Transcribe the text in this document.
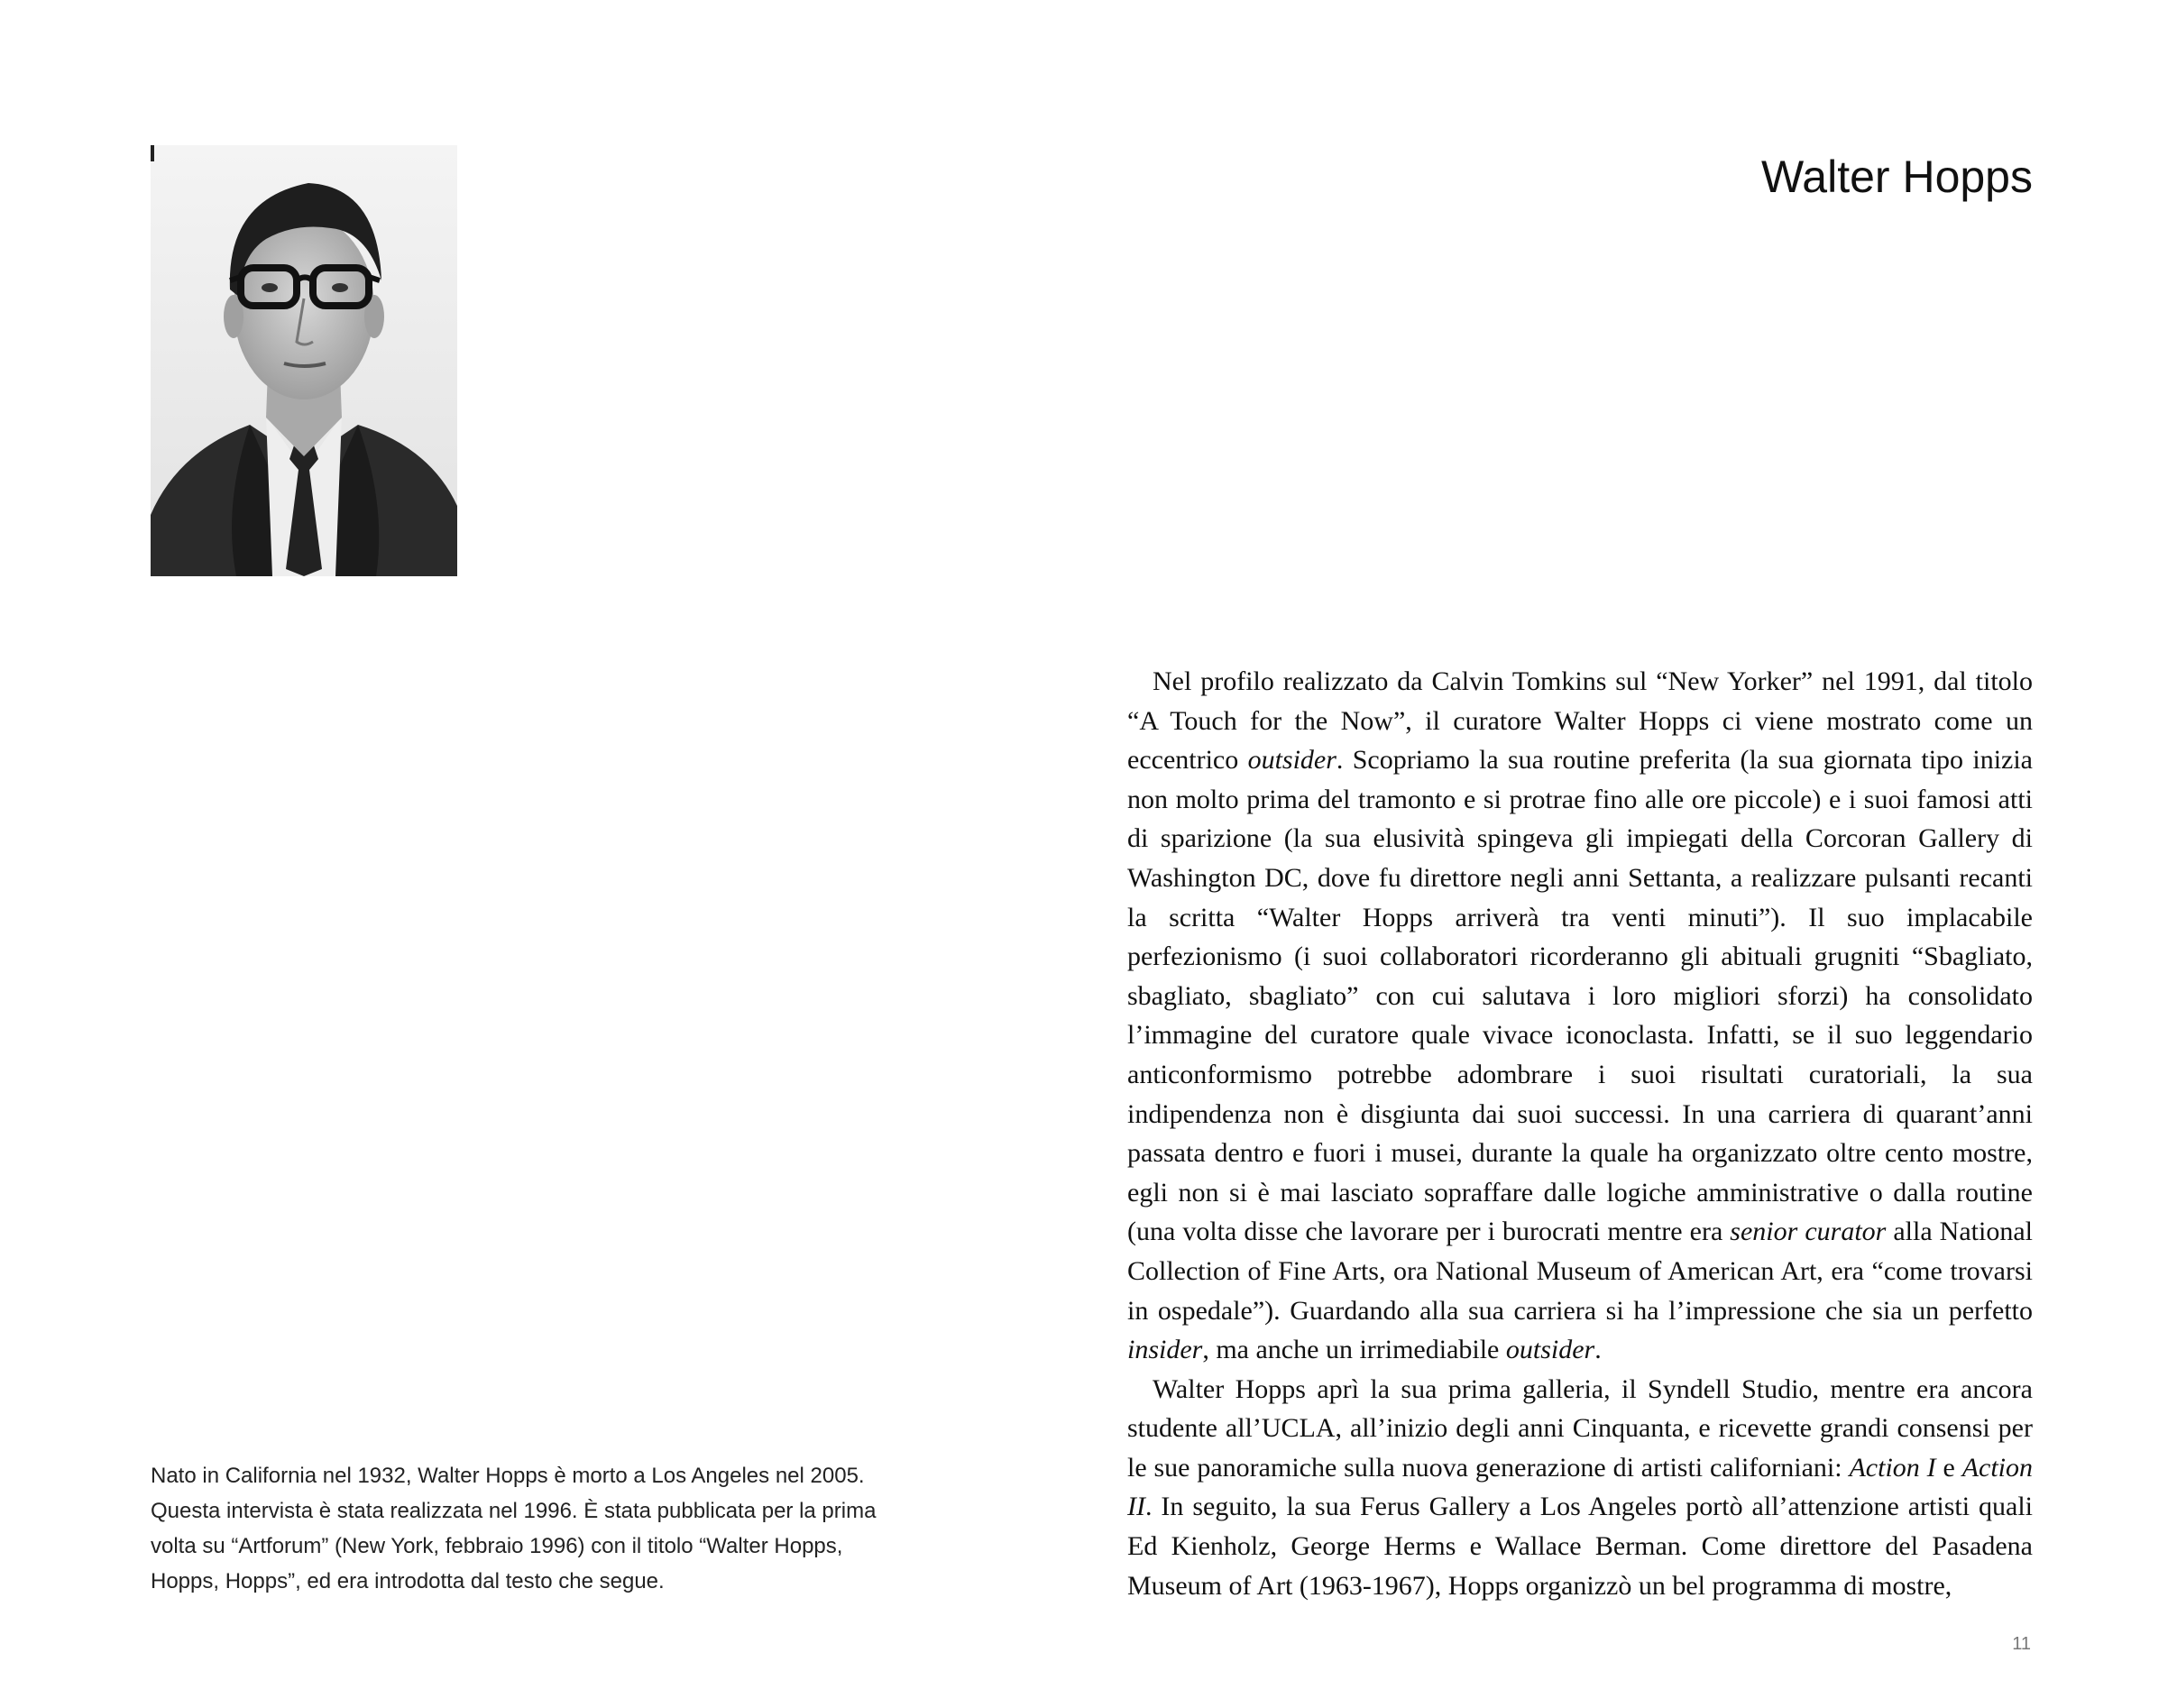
Nato in California nel 1932, Walter Hopps è morto a Los Angeles nel 2005. Questa intervista è stata realizzata nel 1996. È stata pubblicata per la prima volta su “Artforum” (New York, febbraio 1996) con il titolo “Walter Hopps, Hopps, Hopps”, ed era introdotta dal testo che segue.

Walter Hopps

Nel profilo realizzato da Calvin Tomkins sul “New Yorker” nel 1991, dal titolo “A Touch for the Now”, il curatore Walter Hopps ci viene mostrato come un eccentrico outsider. Scopriamo la sua routine preferita (la sua giornata tipo inizia non molto prima del tramonto e si protrae fino alle ore piccole) e i suoi famosi atti di sparizione (la sua elusività spingeva gli impiegati della Corcoran Gallery di Washington DC, dove fu direttore negli anni Settanta, a realizzare pulsanti recanti la scritta “Walter Hopps arriverà tra venti minuti”). Il suo implacabile perfezionismo (i suoi collaboratori ricorderanno gli abituali grugniti “Sbagliato, sbagliato, sbagliato” con cui salutava i loro migliori sforzi) ha consolidato l’immagine del curatore quale vivace iconoclasta. Infatti, se il suo leggendario anticonformismo potrebbe adombrare i suoi risultati curatoriali, la sua indipendenza non è disgiunta dai suoi successi. In una carriera di quarant’anni passata dentro e fuori i musei, durante la quale ha organizzato oltre cento mostre, egli non si è mai lasciato sopraffare dalle logiche amministrative o dalla routine (una volta disse che lavorare per i burocrati mentre era senior curator alla National Collection of Fine Arts, ora National Museum of American Art, era “come trovarsi in ospedale”). Guardando alla sua carriera si ha l’impressione che sia un perfetto insider, ma anche un irrimediabile outsider.

Walter Hopps aprì la sua prima galleria, il Syndell Studio, mentre era ancora studente all’UCLA, all’inizio degli anni Cinquanta, e ricevette grandi consensi per le sue panoramiche sulla nuova generazione di artisti californiani: Action I e Action II. In seguito, la sua Ferus Gallery a Los Angeles portò all’attenzione artisti quali Ed Kienholz, George Herms e Wallace Berman. Come direttore del Pasadena Museum of Art (1963-1967), Hopps organizzò un bel programma di mostre,

11
